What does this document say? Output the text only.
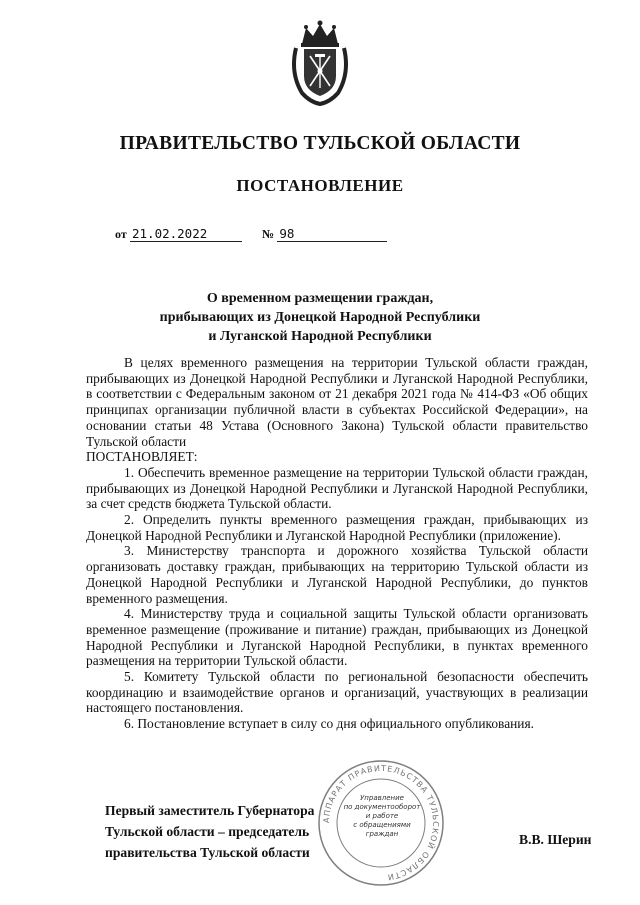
ПРАВИТЕЛЬСТВО ТУЛЬСКОЙ ОБЛАСТИ
ПОСТАНОВЛЕНИЕ
от 21.02.2022	№ 98
О временном размещении граждан,
прибывающих из Донецкой Народной Республики
и Луганской Народной Республики

В целях временного размещения на территории Тульской области граждан, прибывающих из Донецкой Народной Республики и Луганской Народной Республики, в соответствии с Федеральным законом от 21 декабря 2021 года № 414-ФЗ «Об общих принципах организации публичной власти в субъектах Российской Федерации», на основании статьи 48 Устава (Основного Закона) Тульской области правительство Тульской области

ПОСТАНОВЛЯЕТ:

1. Обеспечить временное размещение на территории Тульской области граждан, прибывающих из Донецкой Народной Республики и Луганской Народной Республики, за счет средств бюджета Тульской области.

2. Определить пункты временного размещения граждан, прибывающих из Донецкой Народной Республики и Луганской Народной Республики (приложение).

3. Министерству транспорта и дорожного хозяйства Тульской области организовать доставку граждан, прибывающих на территорию Тульской области из Донецкой Народной Республики и Луганской Народной Республики, до пунктов временного размещения.

4. Министерству труда и социальной защиты Тульской области организовать временное размещение (проживание и питание) граждан, прибывающих из Донецкой Народной Республики и Луганской Народной Республики, в пунктах временного размещения на территории Тульской области.

5. Комитету Тульской области по региональной безопасности обеспечить координацию и взаимодействие органов и организаций, участвующих в реализации настоящего постановления.

6. Постановление вступает в силу со дня официального опубликования.

АППАРАТ ПРАВИТЕЛЬСТВА ТУЛЬСКОЙ ОБЛАСТИ
Управление
по документооборот
и работе
с обращениями
граждан
Первый заместитель Губернатора
Тульской области – председатель
правительства Тульской области
В.В. Шерин
